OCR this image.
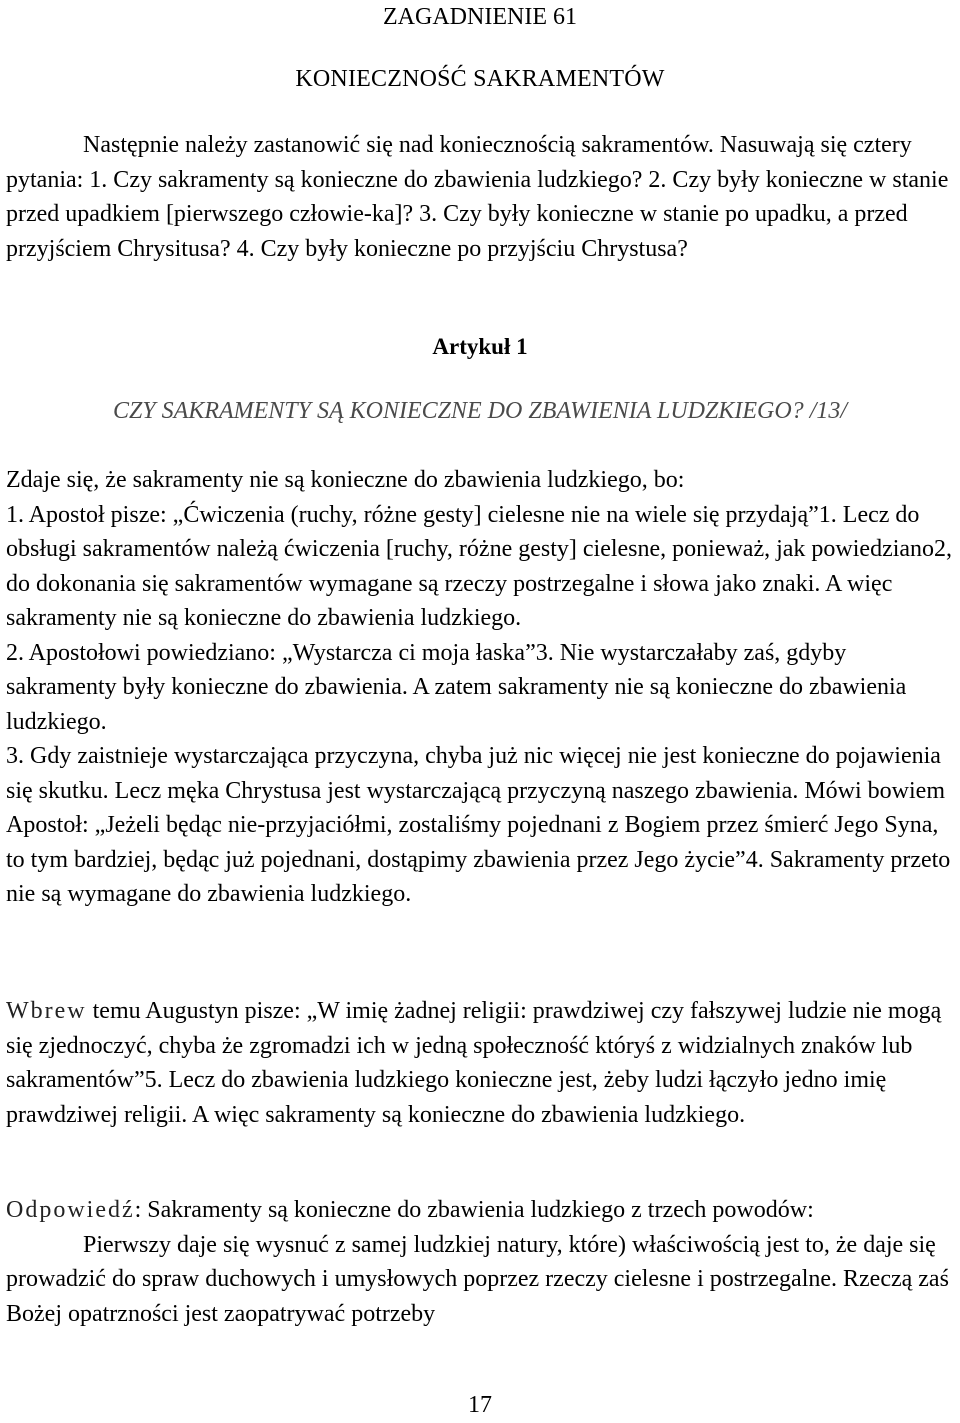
ZAGADNIENIE 61
KONIECZNOŚĆ SAKRAMENTÓW

Następnie należy zastanowić się nad koniecznością sakramentów. Nasuwają się cztery pytania: 1. Czy sakramenty są konieczne do zbawienia ludzkiego? 2. Czy były konieczne w stanie przed upadkiem [pierwszego człowie-ka]? 3. Czy były konieczne w stanie po upadku, a przed przyjściem Chrysitusa? 4. Czy były konieczne po przyjściu Chrystusa?

Artykuł 1
CZY SAKRAMENTY SĄ KONIECZNE DO ZBAWIENIA LUDZKIEGO? /13/

Zdaje się, że sakramenty nie są konieczne do zbawienia ludzkiego, bo:

1. Apostoł pisze: „Ćwiczenia (ruchy, różne gesty] cielesne nie na wiele się przydają”1. Lecz do obsługi sakramentów należą ćwiczenia [ruchy, różne gesty] cielesne, ponieważ, jak powiedziano2, do dokonania się sakramentów wymagane są rzeczy postrzegalne i słowa jako znaki. A więc sakramenty nie są konieczne do zbawienia ludzkiego.

2. Apostołowi powiedziano: „Wystarcza ci moja łaska”3. Nie wystarczałaby zaś, gdyby sakramenty były konieczne do zbawienia. A zatem sakramenty nie są konieczne do zbawienia ludzkiego.

3. Gdy zaistnieje wystarczająca przyczyna, chyba już nic więcej nie jest konieczne do pojawienia się skutku. Lecz męka Chrystusa jest wystarczającą przyczyną naszego zbawienia. Mówi bowiem Apostoł: „Jeżeli będąc nie-przyjaciółmi, zostaliśmy pojednani z Bogiem przez śmierć Jego Syna, to tym bardziej, będąc już pojednani, dostąpimy zbawienia przez Jego życie”4. Sakramenty przeto nie są wymagane do zbawienia ludzkiego.

Wbrew temu Augustyn pisze: „W imię żadnej religii: prawdziwej czy fałszywej ludzie nie mogą się zjednoczyć, chyba że zgromadzi ich w jedną społeczność któryś z widzialnych znaków lub sakramentów”5. Lecz do zbawienia ludzkiego konieczne jest, żeby ludzi łączyło jedno imię prawdziwej religii. A więc sakramenty są konieczne do zbawienia ludzkiego.

Odpowiedź: Sakramenty są konieczne do zbawienia ludzkiego z trzech powodów:

Pierwszy daje się wysnuć z samej ludzkiej natury, które) właściwością jest to, że daje się prowadzić do spraw duchowych i umysłowych poprzez rzeczy cielesne i postrzegalne. Rzeczą zaś Bożej opatrzności jest zaopatrywać potrzeby

17
